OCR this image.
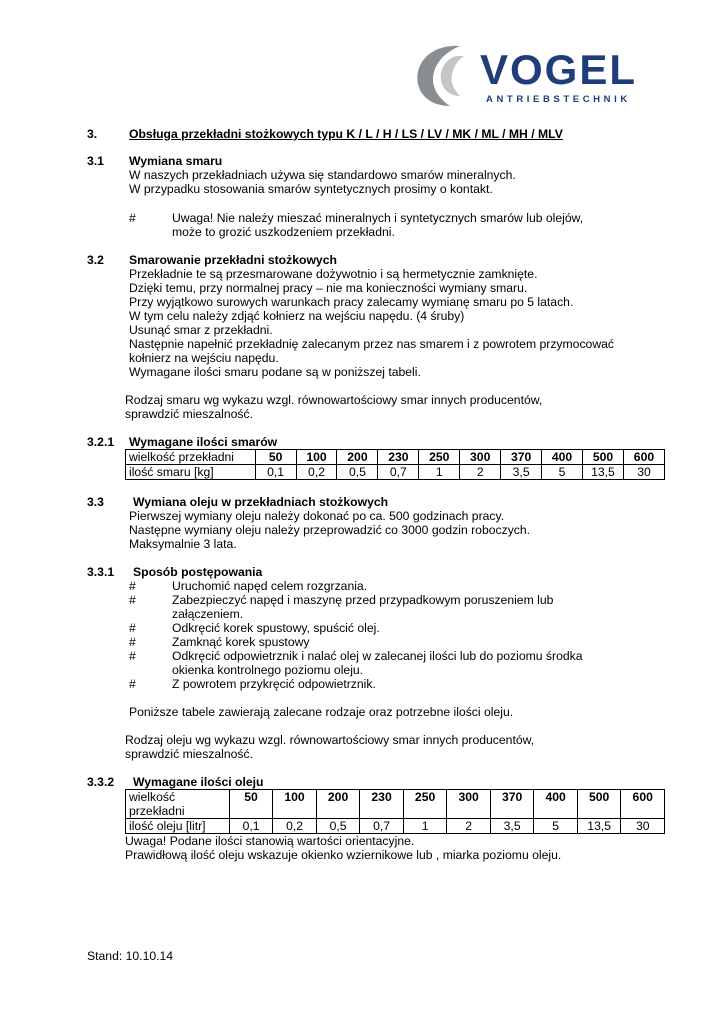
VOGEL
ANTRIEBSTECHNIK
3.	Obsługa przekładni stożkowych typu K / L / H / LS / LV / MK / ML / MH / MLV
3.1 Wymiana smaru
W naszych przekładniach używa się standardowo smarów mineralnych.
W przypadku stosowania smarów syntetycznych prosimy o kontakt.
#	Uwaga! Nie należy mieszać mineralnych i syntetycznych smarów lub olejów,
może to grozić uszkodzeniem przekładni.
3.2 Smarowanie przekładni stożkowych
Przekładnie te są przesmarowane dożywotnio i są hermetycznie zamknięte.
Dzięki temu, przy normalnej pracy – nie ma konieczności wymiany smaru.
Przy wyjątkowo surowych warunkach pracy zalecamy wymianę smaru po 5 latach.
W tym celu należy zdjąć kołnierz na wejściu napędu. (4 śruby)
Usunąć smar z przekładni.
Następnie napełnić przekładnię zalecanym przez nas smarem i z powrotem przymocować
kołnierz na wejściu napędu.
Wymagane ilości smaru podane są w poniższej tabeli.
Rodzaj smaru wg wykazu wzgl. równowartościowy smar innych producentów,
sprawdzić mieszalność.
3.2.1 Wymagane ilości smarów
wielkość przekładni	50	100	200	230	250	300	370	400	500	600
ilość smaru [kg]	0,1	0,2	0,5	0,7	1	2	3,5	5	13,5	30
3.3 Wymiana oleju w przekładniach stożkowych
Pierwszej wymiany oleju należy dokonać po ca. 500 godzinach pracy.
Następne wymiany oleju należy przeprowadzić co 3000 godzin roboczych.
Maksymalnie 3 lata.
3.3.1 Sposób postępowania
#	Uruchomić napęd celem rozgrzania.
#	Zabezpieczyć napęd i maszynę przed przypadkowym poruszeniem lub
załączeniem.
#	Odkręcić korek spustowy, spuścić olej.
#	Zamknąć korek spustowy
#	Odkręcić odpowietrznik i nalać olej w zalecanej ilości lub do poziomu środka
okienka kontrolnego poziomu oleju.
#	Z powrotem przykręcić odpowietrznik.
Poniższe tabele zawierają zalecane rodzaje oraz potrzebne ilości oleju.
Rodzaj oleju wg wykazu wzgl. równowartościowy smar innych producentów,
sprawdzić mieszalność.
3.3.2 Wymagane ilości oleju
wielkość
przekładni	50	100	200	230	250	300	370	400	500	600
ilość oleju [litr]	0,1	0,2	0,5	0,7	1	2	3,5	5	13,5	30
Uwaga! Podane ilości stanowią wartości orientacyjne.
Prawidłową ilość oleju wskazuje okienko wziernikowe lub , miarka poziomu oleju.
Stand: 10.10.14
